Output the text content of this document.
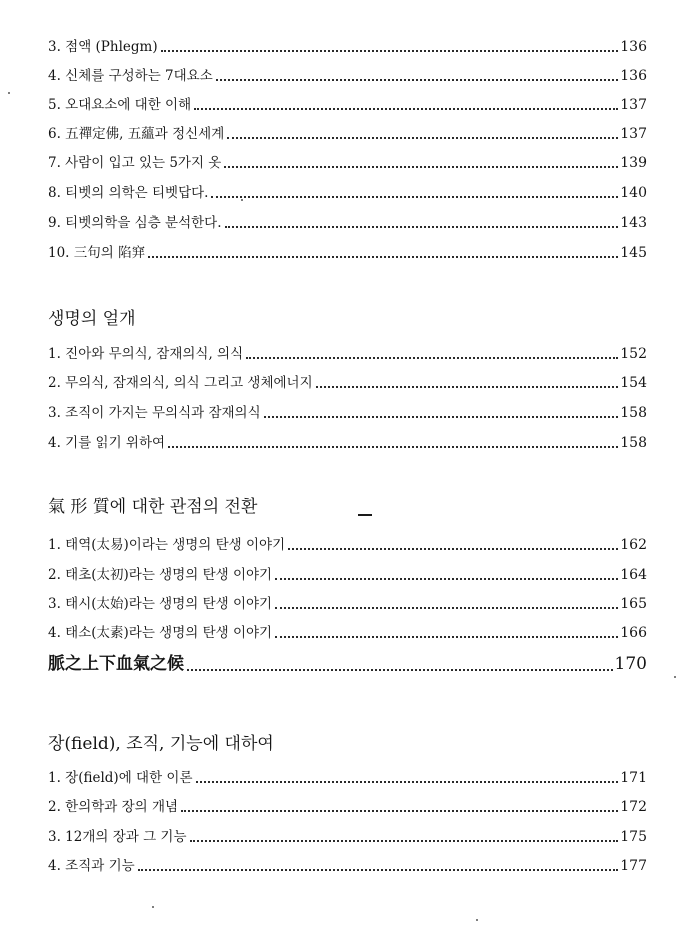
3. 점액 (Phlegm)	136
4. 신체를 구성하는 7대요소	136
5. 오대요소에 대한 이해	137
6. 五禪定佛, 五蘊과 정신세계	137
7. 사람이 입고 있는 5가지 옷	139
8. 티벳의 의학은 티벳답다.	140
9. 티벳의학을 심층 분석한다.	143
10. 三句의 陷穽	145
생명의 얼개
1. 진아와 무의식, 잠재의식, 의식	152
2. 무의식, 잠재의식, 의식 그리고 생체에너지	154
3. 조직이 가지는 무의식과 잠재의식	158
4. 기를 읽기 위하여	158
氣 形 質에 대한 관점의 전환
1. 태역(太易)이라는 생명의 탄생 이야기	162
2. 태초(太初)라는 생명의 탄생 이야기	164
3. 태시(太始)라는 생명의 탄생 이야기	165
4. 태소(太素)라는 생명의 탄생 이야기	166
脈之上下血氣之候	170
장(field), 조직, 기능에 대하여
1. 장(field)에 대한 이론	171
2. 한의학과 장의 개념	172
3. 12개의 장과 그 기능	175
4. 조직과 기능	177
